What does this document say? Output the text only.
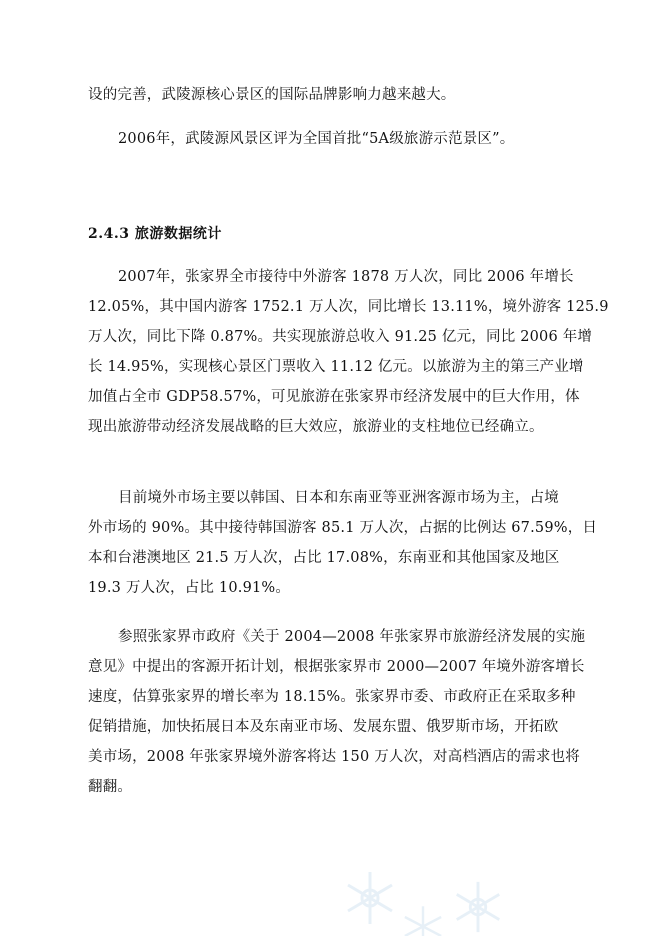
设的完善，武陵源核心景区的国际品牌影响力越来越大。
2006年，武陵源风景区评为全国首批“5A级旅游示范景区”。
2.4.3 旅游数据统计
2007年，张家界全市接待中外游客 1878 万人次，同比 2006 年增长
12.05%，其中国内游客 1752.1 万人次，同比增长 13.11%，境外游客 125.9
万人次，同比下降 0.87%。共实现旅游总收入 91.25 亿元，同比 2006 年增
长 14.95%，实现核心景区门票收入 11.12 亿元。以旅游为主的第三产业增
加值占全市 GDP58.57%，可见旅游在张家界市经济发展中的巨大作用，体
现出旅游带动经济发展战略的巨大效应，旅游业的支柱地位已经确立。
目前境外市场主要以韩国、日本和东南亚等亚洲客源市场为主，占境
外市场的 90%。其中接待韩国游客 85.1 万人次，占据的比例达 67.59%，日
本和台港澳地区 21.5 万人次，占比 17.08%，东南亚和其他国家及地区
19.3 万人次，占比 10.91%。
参照张家界市政府《关于 2004—2008 年张家界市旅游经济发展的实施
意见》中提出的客源开拓计划，根据张家界市 2000—2007 年境外游客增长
速度，估算张家界的增长率为 18.15%。张家界市委、市政府正在采取多种
促销措施，加快拓展日本及东南亚市场、发展东盟、俄罗斯市场，开拓欧
美市场，2008 年张家界境外游客将达 150 万人次，对高档酒店的需求也将
翻翻。
